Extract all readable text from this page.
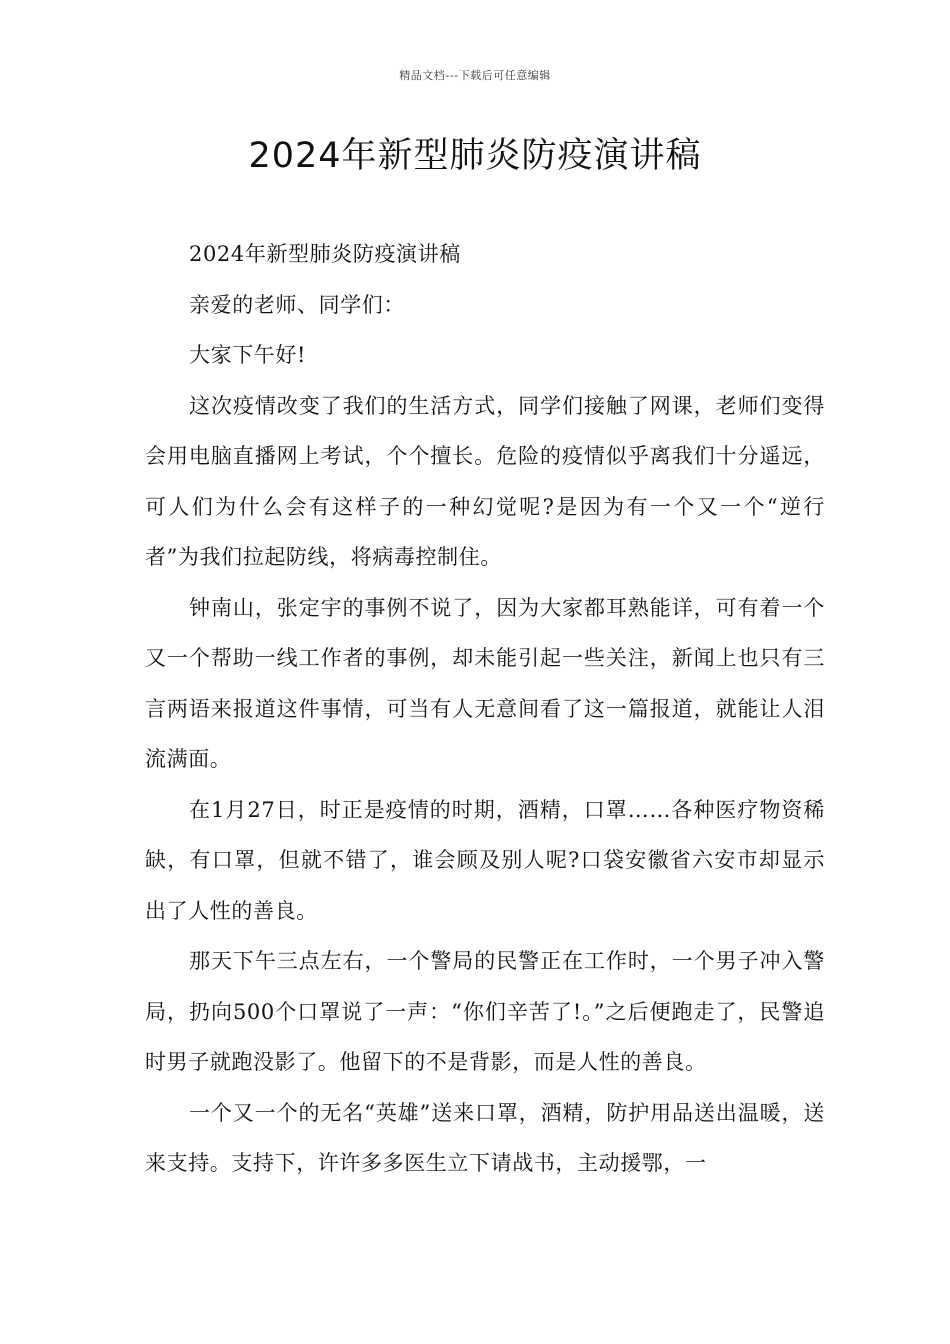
精品文档---下载后可任意编辑
2024年新型肺炎防疫演讲稿

2024年新型肺炎防疫演讲稿

亲爱的老师、同学们：

大家下午好!

这次疫情改变了我们的生活方式，同学们接触了网课，老师们变得会用电脑直播网上考试，个个擅长。危险的疫情似乎离我们十分遥远，可人们为什么会有这样子的一种幻觉呢?是因为有一个又一个“逆行者”为我们拉起防线，将病毒控制住。

钟南山，张定宇的事例不说了，因为大家都耳熟能详，可有着一个又一个帮助一线工作者的事例，却未能引起一些关注，新闻上也只有三言两语来报道这件事情，可当有人无意间看了这一篇报道，就能让人泪流满面。

在1月27日，时正是疫情的时期，酒精，口罩……各种医疗物资稀缺，有口罩，但就不错了，谁会顾及别人呢?口袋安徽省六安市却显示出了人性的善良。

那天下午三点左右，一个警局的民警正在工作时，一个男子冲入警局，扔向500个口罩说了一声：“你们辛苦了!。”之后便跑走了，民警追时男子就跑没影了。他留下的不是背影，而是人性的善良。

一个又一个的无名“英雄”送来口罩，酒精，防护用品送出温暖，送来支持。支持下，许许多多医生立下请战书，主动援鄂，一
